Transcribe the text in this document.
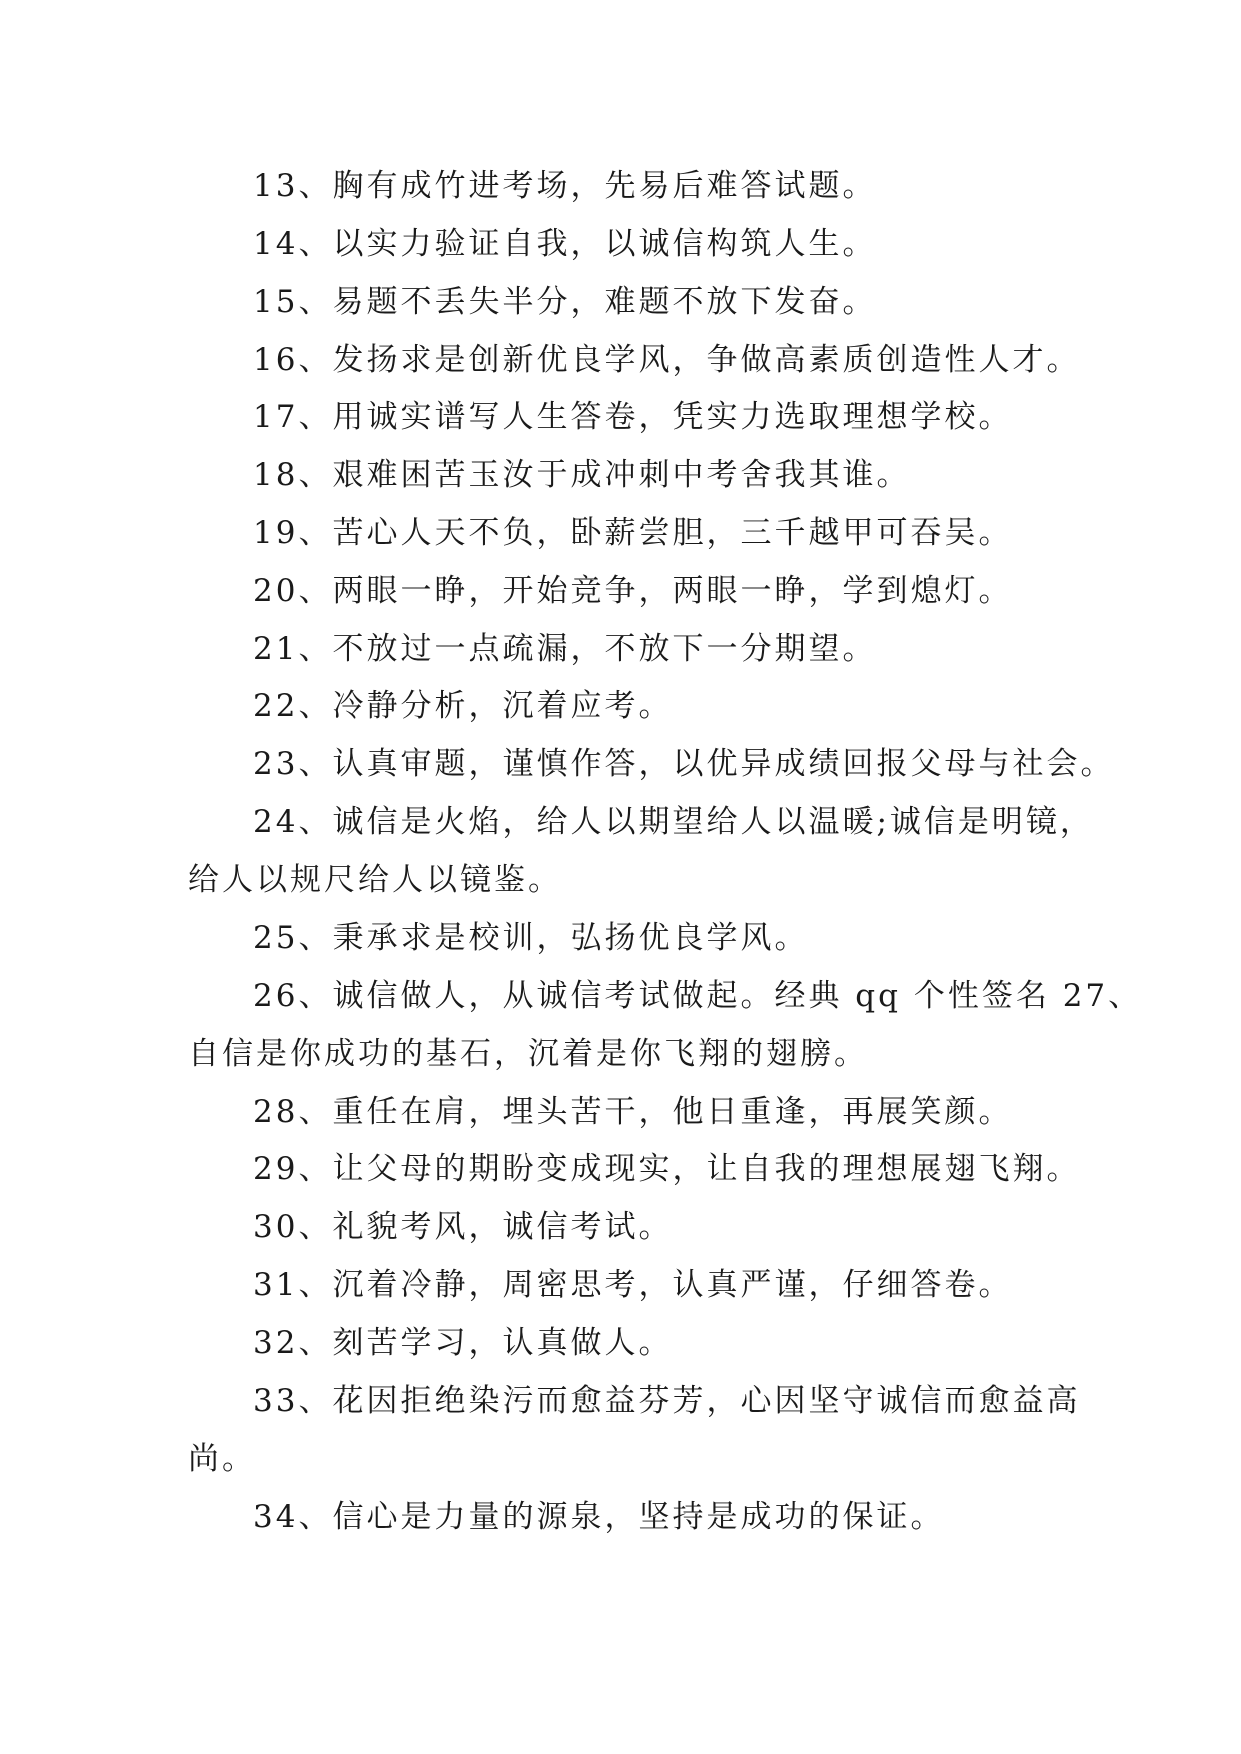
13、胸有成竹进考场，先易后难答试题。
14、以实力验证自我，以诚信构筑人生。
15、易题不丢失半分，难题不放下发奋。
16、发扬求是创新优良学风，争做高素质创造性人才。
17、用诚实谱写人生答卷，凭实力选取理想学校。
18、艰难困苦玉汝于成冲刺中考舍我其谁。
19、苦心人天不负，卧薪尝胆，三千越甲可吞吴。
20、两眼一睁，开始竞争，两眼一睁，学到熄灯。
21、不放过一点疏漏，不放下一分期望。
22、冷静分析，沉着应考。
23、认真审题，谨慎作答，以优异成绩回报父母与社会。
24、诚信是火焰，给人以期望给人以温暖;诚信是明镜，
给人以规尺给人以镜鉴。
25、秉承求是校训，弘扬优良学风。
26、诚信做人，从诚信考试做起。经典 qq 个性签名 27、
自信是你成功的基石，沉着是你飞翔的翅膀。
28、重任在肩，埋头苦干，他日重逢，再展笑颜。
29、让父母的期盼变成现实，让自我的理想展翅飞翔。
30、礼貌考风，诚信考试。
31、沉着冷静，周密思考，认真严谨，仔细答卷。
32、刻苦学习，认真做人。
33、花因拒绝染污而愈益芬芳，心因坚守诚信而愈益高
尚。
34、信心是力量的源泉，坚持是成功的保证。
